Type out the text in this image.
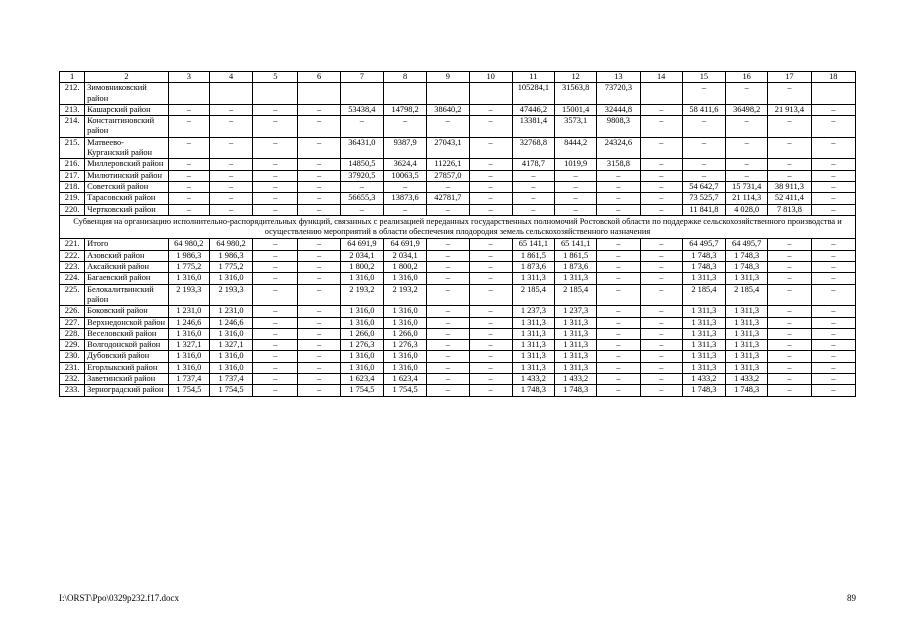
1	2	3	4	5	6	7	8	9	10	11	12	13	14	15	16	17	18
212.	Зимовниковский район									105284,1	31563,8	73720,3		–	–	–	
213.	Кашарский район	–	–	–	–	53438,4	14798,2	38640,2	–	47446,2	15001,4	32444,8	–	58 411,6	36498,2	21 913,4	–
214.	Константиновский район	–	–	–	–	–	–	–	–	13381,4	3573,1	9808,3	–	–	–	–	–
215.	Матвеево-Курганский район	–	–	–	–	36431,0	9387,9	27043,1	–	32768,8	8444,2	24324,6	–	–	–	–	–
216.	Миллеровский район	–	–	–	–	14850,5	3624,4	11226,1	–	4178,7	1019,9	3158,8	–	–	–	–	–
217.	Милютинский район	–	–	–	–	37920,5	10063,5	27857,0	–	–	–	–	–	–	–	–	–
218.	Советский район	–	–	–	–	–	–	–	–	–	–	–	–	54 642,7	15 731,4	38 911,3	–
219.	Тарасовский район	–	–	–	–	56655,3	13873,6	42781,7	–	–	–	–	–	73 525,7	21 114,3	52 411,4	–
220.	Чертковский район	–	–	–	–	–	–	–	–	–	–	–	–	11 841,8	4 028,0	7 813,8	–
Субвенция на организацию исполнительно-распорядительных функций, связанных с реализацией переданных государственных полномочий Ростовской области по поддержке сельскохозяйственного производства и осуществлению мероприятий в области обеспечения плодородия земель сельскохозяйственного назначения																	
221.	Итого	64 980,2	64 980,2	–	–	64 691,9	64 691,9	–	–	65 141,1	65 141,1	–	–	64 495,7	64 495,7	–	–
222.	Азовский район	1 986,3	1 986,3	–	–	2 034,1	2 034,1	–	–	1 861,5	1 861,5	–	–	1 748,3	1 748,3	–	–
223.	Аксайский район	1 775,2	1 775,2	–	–	1 800,2	1 800,2	–	–	1 873,6	1 873,6	–	–	1 748,3	1 748,3	–	–
224.	Багаевский район	1 316,0	1 316,0	–	–	1 316,0	1 316,0	–	–	1 311,3	1 311,3	–	–	1 311,3	1 311,3	–	–
225.	Белокалитвинский район	2 193,3	2 193,3	–	–	2 193,2	2 193,2	–	–	2 185,4	2 185,4	–	–	2 185,4	2 185,4	–	–
226.	Боковский район	1 231,0	1 231,0	–	–	1 316,0	1 316,0	–	–	1 237,3	1 237,3	–	–	1 311,3	1 311,3	–	–
227.	Верхнедонской район	1 246,6	1 246,6	–	–	1 316,0	1 316,0	–	–	1 311,3	1 311,3	–	–	1 311,3	1 311,3	–	–
228.	Веселовский район	1 316,0	1 316,0	–	–	1 266,0	1 266,0	–	–	1 311,3	1 311,3	–	–	1 311,3	1 311,3	–	–
229.	Волгодонской район	1 327,1	1 327,1	–	–	1 276,3	1 276,3	–	–	1 311,3	1 311,3	–	–	1 311,3	1 311,3	–	–
230.	Дубовский район	1 316,0	1 316,0	–	–	1 316,0	1 316,0	–	–	1 311,3	1 311,3	–	–	1 311,3	1 311,3	–	–
231.	Егорлыкский район	1 316,0	1 316,0	–	–	1 316,0	1 316,0	–	–	1 311,3	1 311,3	–	–	1 311,3	1 311,3	–	–
232.	Заветинский район	1 737,4	1 737,4	–	–	1 623,4	1 623,4	–	–	1 433,2	1 433,2	–	–	1 433,2	1 433,2	–	–
233.	Зерноградский район	1 754,5	1 754,5	–	–	1 754,5	1 754,5	–	–	1 748,3	1 748,3	–	–	1 748,3	1 748,3	–	–
I:\ORST\Ppo\0329p232.f17.docx	89
